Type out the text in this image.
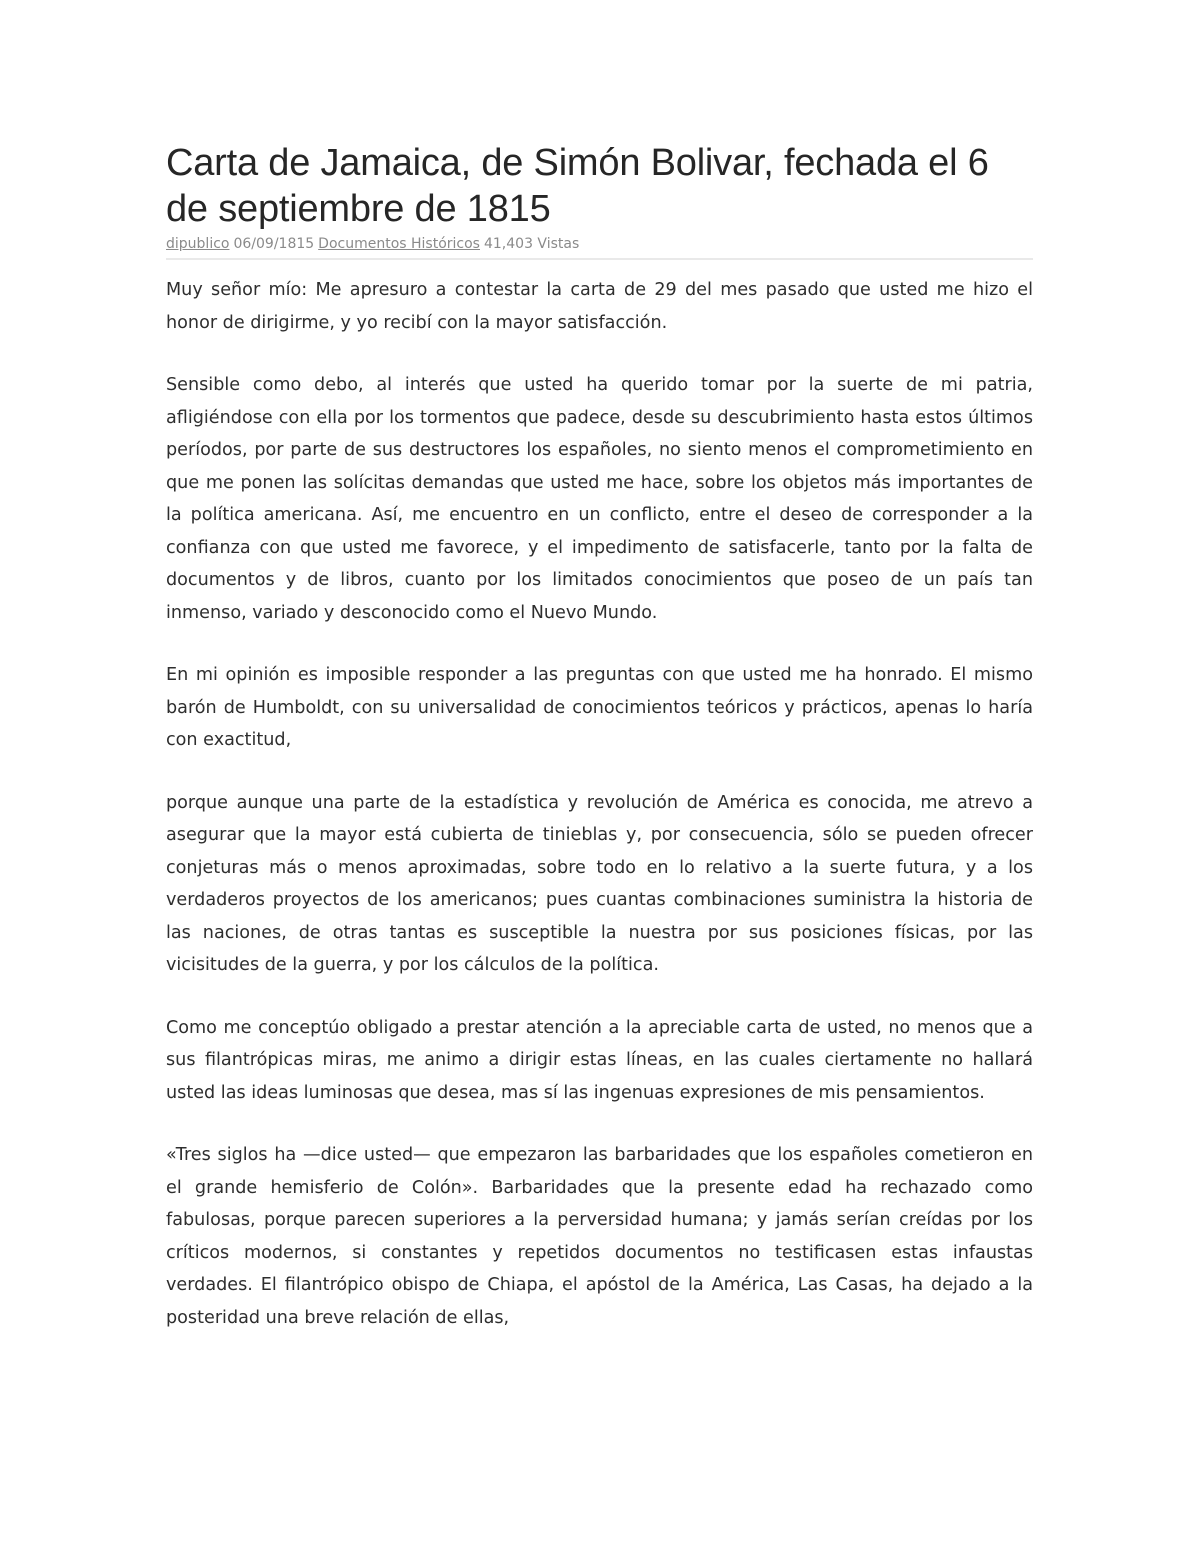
Carta de Jamaica, de Simón Bolivar, fechada el 6 de septiembre de 1815
dipublico 06/09/1815 Documentos Históricos 41,403 Vistas

Muy señor mío: Me apresuro a contestar la carta de 29 del mes pasado que usted me hizo el honor de dirigirme, y yo recibí con la mayor satisfacción.

Sensible como debo, al interés que usted ha querido tomar por la suerte de mi patria, afligiéndose con ella por los tormentos que padece, desde su descubrimiento hasta estos últimos períodos, por parte de sus destructores los españoles, no siento menos el comprometimiento en que me ponen las solícitas demandas que usted me hace, sobre los objetos más importantes de la política americana. Así, me encuentro en un conflicto, entre el deseo de corresponder a la confianza con que usted me favorece, y el impedimento de satisfacerle, tanto por la falta de documentos y de libros, cuanto por los limitados conocimientos que poseo de un país tan inmenso, variado y desconocido como el Nuevo Mundo.

En mi opinión es imposible responder a las preguntas con que usted me ha honrado. El mismo barón de Humboldt, con su universalidad de conocimientos teóricos y prácticos, apenas lo haría con exactitud,

porque aunque una parte de la estadística y revolución de América es conocida, me atrevo a asegurar que la mayor está cubierta de tinieblas y, por consecuencia, sólo se pueden ofrecer conjeturas más o menos aproximadas, sobre todo en lo relativo a la suerte futura, y a los verdaderos proyectos de los americanos; pues cuantas combinaciones suministra la historia de las naciones, de otras tantas es susceptible la nuestra por sus posiciones físicas, por las vicisitudes de la guerra, y por los cálculos de la política.

Como me conceptúo obligado a prestar atención a la apreciable carta de usted, no menos que a sus filantrópicas miras, me animo a dirigir estas líneas, en las cuales ciertamente no hallará usted las ideas luminosas que desea, mas sí las ingenuas expresiones de mis pensamientos.

«Tres siglos ha —dice usted— que empezaron las barbaridades que los españoles cometieron en el grande hemisferio de Colón». Barbaridades que la presente edad ha rechazado como fabulosas, porque parecen superiores a la perversidad humana; y jamás serían creídas por los críticos modernos, si constantes y repetidos documentos no testificasen estas infaustas verdades. El filantrópico obispo de Chiapa, el apóstol de la América, Las Casas, ha dejado a la posteridad una breve relación de ellas,
